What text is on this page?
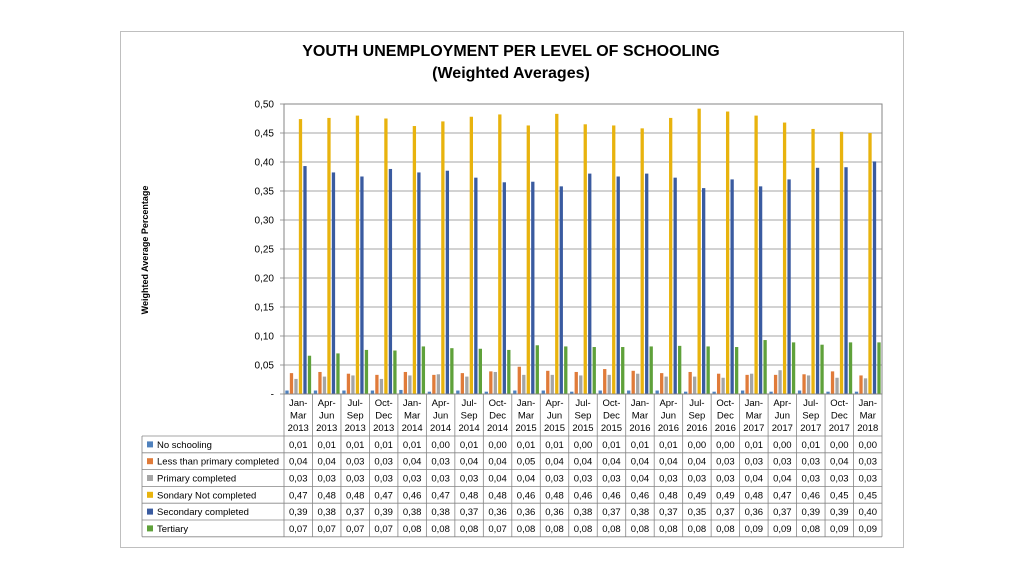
YOUTH UNEMPLOYMENT PER LEVEL OF SCHOOLING
(Weighted Averages)
Weighted Average Percentage
-
0,05
0,10
0,15
0,20
0,25
0,30
0,35
0,40
0,45
0,50
Jan-
Mar
2013
Apr-
Jun
2013
Jul-
Sep
2013
Oct-
Dec
2013
Jan-
Mar
2014
Apr-
Jun
2014
Jul-
Sep
2014
Oct-
Dec
2014
Jan-
Mar
2015
Apr-
Jun
2015
Jul-
Sep
2015
Oct-
Dec
2015
Jan-
Mar
2016
Apr-
Jun
2016
Jul-
Sep
2016
Oct-
Dec
2016
Jan-
Mar
2017
Apr-
Jun
2017
Jul-
Sep
2017
Oct-
Dec
2017
Jan-
Mar
2018
No schooling	0,01 0,01 0,01 0,01 0,01 0,00 0,01 0,00 0,01 0,01 0,00 0,01 0,01 0,01 0,00 0,00 0,01 0,00 0,01 0,00 0,00
Less than primary completed 0,04 0,04 0,03 0,03 0,04 0,03 0,04 0,04 0,05 0,04 0,04 0,04 0,04 0,04 0,04 0,03 0,03 0,03 0,03 0,04 0,03
Primary completed	0,03 0,03 0,03 0,03 0,03 0,03 0,03 0,04 0,04 0,03 0,03 0,03 0,04 0,03 0,03 0,03 0,04 0,04 0,03 0,03 0,03
Sondary Not completed	0,47 0,48 0,48 0,47 0,46 0,47 0,48 0,48 0,46 0,48 0,46 0,46 0,46 0,48 0,49 0,49 0,48 0,47 0,46 0,45 0,45
Secondary completed	0,39 0,38 0,37 0,39 0,38 0,38 0,37 0,36 0,36 0,36 0,38 0,37 0,38 0,37 0,35 0,37 0,36 0,37 0,39 0,39 0,40
Tertiary	0,07 0,07 0,07 0,07 0,08 0,08 0,08 0,07 0,08 0,08 0,08 0,08 0,08 0,08 0,08 0,08 0,09 0,09 0,08 0,09 0,09
